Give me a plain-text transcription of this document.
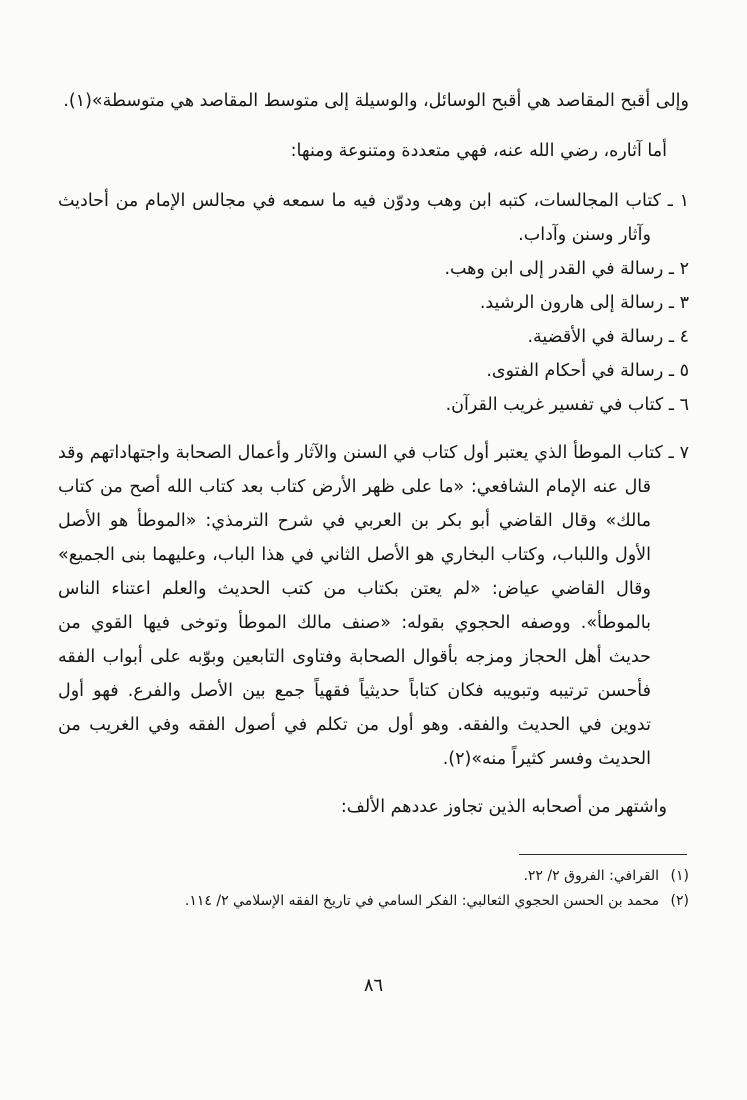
وإلى أقبح المقاصد هي أقبح الوسائل، والوسيلة إلى متوسط المقاصد هي متوسطة»(١).

أما آثاره، رضي الله عنه، فهي متعددة ومتنوعة ومنها:

١ ـ كتاب المجالسات، كتبه ابن وهب ودوّن فيه ما سمعه في مجالس الإمام من أحاديث وآثار وسنن وآداب.
٢ ـ رسالة في القدر إلى ابن وهب.
٣ ـ رسالة إلى هارون الرشيد.
٤ ـ رسالة في الأقضية.
٥ ـ رسالة في أحكام الفتوى.
٦ ـ كتاب في تفسير غريب القرآن.
٧ ـ كتاب الموطأ الذي يعتبر أول كتاب في السنن والآثار وأعمال الصحابة واجتهاداتهم وقد قال عنه الإمام الشافعي: «ما على ظهر الأرض كتاب بعد كتاب الله أصح من كتاب مالك» وقال القاضي أبو بكر بن العربي في شرح الترمذي: «الموطأ هو الأصل الأول واللباب، وكتاب البخاري هو الأصل الثاني في هذا الباب، وعليهما بنى الجميع» وقال القاضي عياض: «لم يعتن بكتاب من كتب الحديث والعلم اعتناء الناس بالموطأ». ووصفه الحجوي بقوله: «صنف مالك الموطأ وتوخى فيها القوي من حديث أهل الحجاز ومزجه بأقوال الصحابة وفتاوى التابعين وبوّبه على أبواب الفقه فأحسن ترتيبه وتبويبه فكان كتاباً حديثياً فقهياً جمع بين الأصل والفرع. فهو أول تدوين في الحديث والفقه. وهو أول من تكلم في أصول الفقه وفي الغريب من الحديث وفسر كثيراً منه»(٢).

واشتهر من أصحابه الذين تجاوز عددهم الألف:

(١) القرافي: الفروق ٢/ ٢٢.

(٢) محمد بن الحسن الحجوي الثعالبي: الفكر السامي في تاريخ الفقه الإسلامي ٢/ ١١٤.

٨٦
